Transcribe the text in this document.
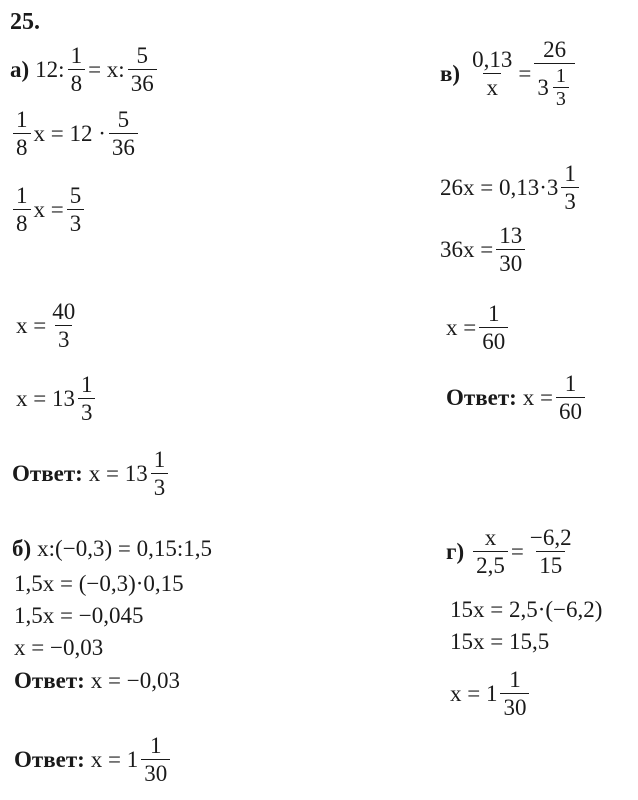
25.
а) 12: $\frac{1}{8} = x$:
5
36
1
8
x = 12 ·
5
36
1
8
$x = \frac{5}{3}$
$x = \frac{40}{3}$
x = 13
1
3
Ответ: x = 13
1
3
$в) \frac{0,13}{x} = 26$
3 1
3
26x = 0,13·3
1
3
$36x = \frac{13}{30}$
$x = \frac{1}{60}$
Ответ: $x = \frac{1}{60}$
б) x:(−0,3) = 0,15:1,5
1,5x = (−0,3)·0,15
1,5x = −0,045
x = −0,03
Ответ: x = −0,03
Ответ: x = 1
1
30
$г) \frac{x}{2,5} = \frac{-6,2}{15}$
15x = 2,5·(−6,2)
15x = 15,5
x = 1
1
30
